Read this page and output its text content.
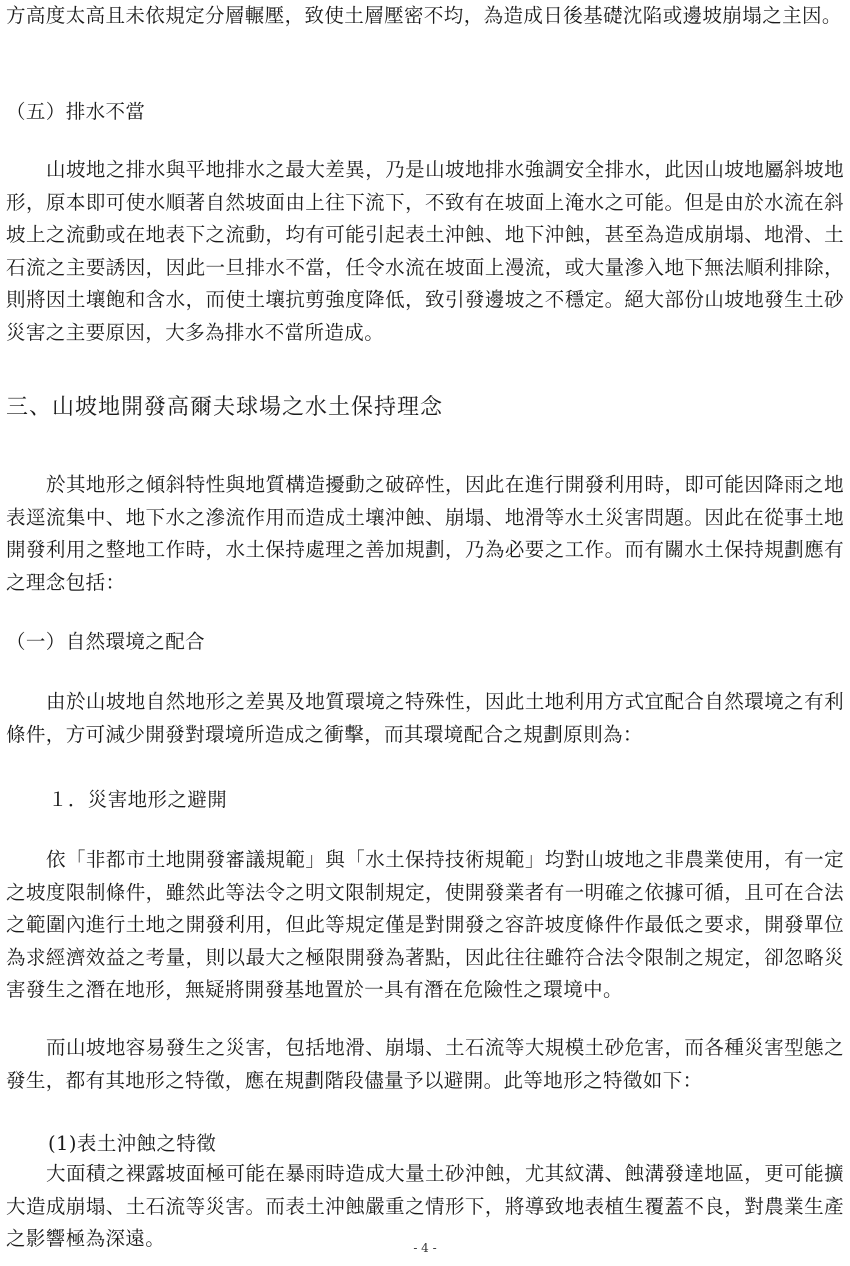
方高度太高且未依規定分層輾壓，致使土層壓密不均，為造成日後基礎沈陷或邊坡崩塌之主因。

（五）排水不當

山坡地之排水與平地排水之最大差異，乃是山坡地排水強調安全排水，此因山坡地屬斜坡地形，原本即可使水順著自然坡面由上往下流下，不致有在坡面上淹水之可能。但是由於水流在斜坡上之流動或在地表下之流動，均有可能引起表土沖蝕、地下沖蝕，甚至為造成崩塌、地滑、土石流之主要誘因，因此一旦排水不當，任令水流在坡面上漫流，或大量滲入地下無法順利排除，則將因土壤飽和含水，而使土壤抗剪強度降低，致引發邊坡之不穩定。絕大部份山坡地發生土砂災害之主要原因，大多為排水不當所造成。

三、山坡地開發高爾夫球場之水土保持理念

於其地形之傾斜特性與地質構造擾動之破碎性，因此在進行開發利用時，即可能因降雨之地表逕流集中、地下水之滲流作用而造成土壤沖蝕、崩塌、地滑等水土災害問題。因此在從事土地開發利用之整地工作時，水土保持處理之善加規劃，乃為必要之工作。而有關水土保持規劃應有之理念包括：

（一）自然環境之配合

由於山坡地自然地形之差異及地質環境之特殊性，因此土地利用方式宜配合自然環境之有利條件，方可減少開發對環境所造成之衝擊，而其環境配合之規劃原則為：

１．災害地形之避開

依「非都市土地開發審議規範」與「水土保持技術規範」均對山坡地之非農業使用，有一定之坡度限制條件，雖然此等法令之明文限制規定，使開發業者有一明確之依據可循，且可在合法之範圍內進行土地之開發利用，但此等規定僅是對開發之容許坡度條件作最低之要求，開發單位為求經濟效益之考量，則以最大之極限開發為著點，因此往往雖符合法令限制之規定，卻忽略災害發生之潛在地形，無疑將開發基地置於一具有潛在危險性之環境中。

而山坡地容易發生之災害，包括地滑、崩塌、土石流等大規模土砂危害，而各種災害型態之發生，都有其地形之特徵，應在規劃階段儘量予以避開。此等地形之特徵如下：

(1)表土沖蝕之特徵

大面積之裸露坡面極可能在暴雨時造成大量土砂沖蝕，尤其紋溝、蝕溝發達地區，更可能擴大造成崩塌、土石流等災害。而表土沖蝕嚴重之情形下，將導致地表植生覆蓋不良，對農業生產之影響極為深遠。	- 4 -
